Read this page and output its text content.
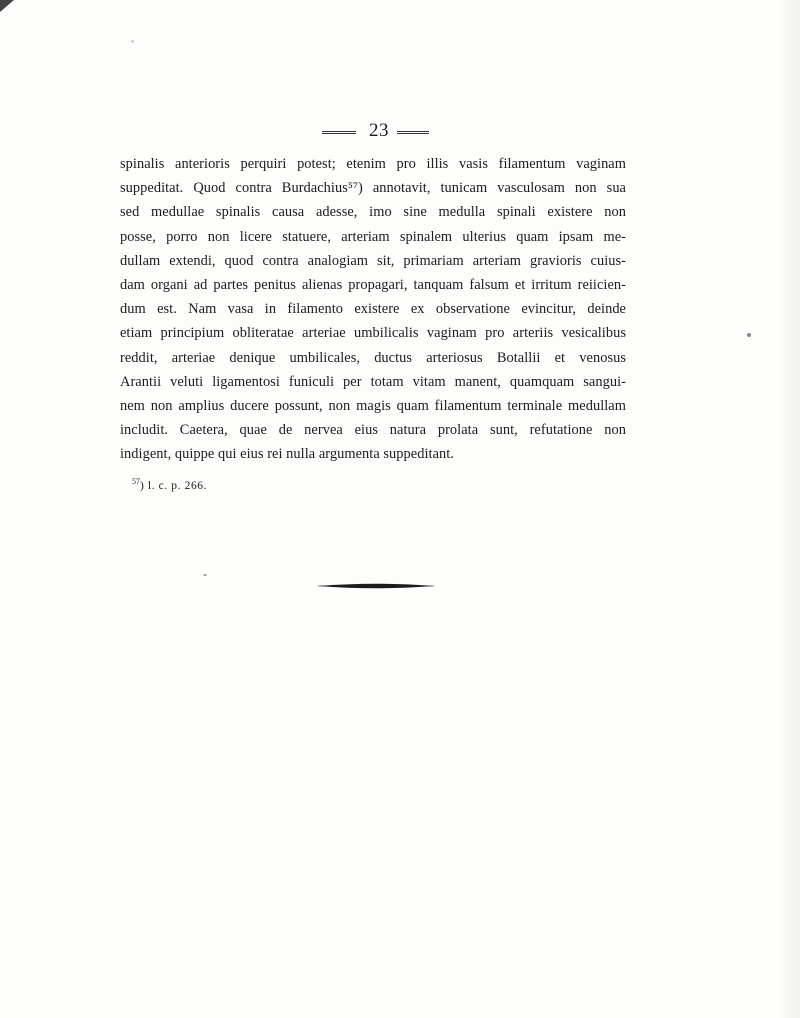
23
spinalis anterioris perquiri potest; etenim pro illis vasis filamentum vaginam
suppeditat. Quod contra Burdachius⁵⁷) annotavit, tunicam vasculosam non sua
sed medullae spinalis causa adesse, imo sine medulla spinali existere non
posse, porro non licere statuere, arteriam spinalem ulterius quam ipsam me-
dullam extendi, quod contra analogiam sit, primariam arteriam gravioris cuius-
dam organi ad partes penitus alienas propagari, tanquam falsum et irritum reiicien-
dum est. Nam vasa in filamento existere ex observatione evincitur, deinde
etiam principium obliteratae arteriae umbilicalis vaginam pro arteriis vesicalibus
reddit, arteriae denique umbilicales, ductus arteriosus Botallii et venosus
Arantii veluti ligamentosi funiculi per totam vitam manent, quamquam sangui-
nem non amplius ducere possunt, non magis quam filamentum terminale medullam
includit. Caetera, quae de nervea eius natura prolata sunt, refutatione non
indigent, quippe qui eius rei nulla argumenta suppeditant.
$^{57}$) l. c. p. 266.
